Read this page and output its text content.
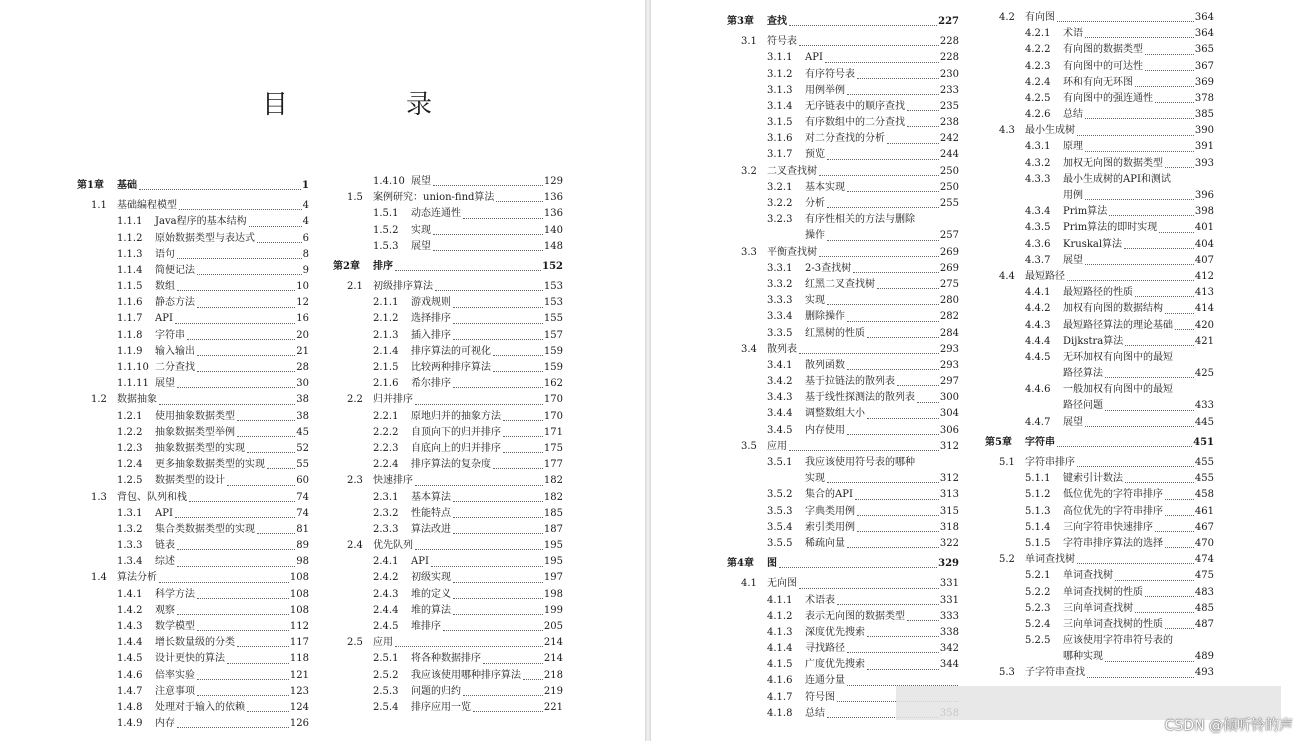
目　录
第1章	基础	1
1.1	基础编程模型	4
1.1.1	Java程序的基本结构	4
1.1.2	原始数据类型与表达式	6
1.1.3	语句	8
1.1.4	简便记法	9
1.1.5	数组	10
1.1.6	静态方法	12
1.1.7	API	16
1.1.8	字符串	20
1.1.9	输入输出	21
1.1.10 二分查找	28
1.1.11 展望	30
1.2	数据抽象	38
1.2.1	使用抽象数据类型	38
1.2.2	抽象数据类型举例	45
1.2.3	抽象数据类型的实现	52
1.2.4	更多抽象数据类型的实现	55
1.2.5	数据类型的设计	60
1.3	背包、队列和栈	74
1.3.1	API	74
1.3.2	集合类数据类型的实现	81
1.3.3	链表	89
1.3.4	综述	98
1.4	算法分析	108
1.4.1	科学方法	108
1.4.2	观察	108
1.4.3	数学模型	112
1.4.4	增长数量级的分类	117
1.4.5	设计更快的算法	118
1.4.6	倍率实验	121
1.4.7	注意事项	123
1.4.8	处理对于输入的依赖	124
1.4.9	内存	126
1.4.10 展望	129
1.5	案例研究：union-find算法	136
1.5.1	动态连通性	136
1.5.2	实现	140
1.5.3	展望	148
第2章	排序	152
2.1	初级排序算法	153
2.1.1	游戏规则	153
2.1.2	选择排序	155
2.1.3	插入排序	157
2.1.4	排序算法的可视化	159
2.1.5	比较两种排序算法	159
2.1.6	希尔排序	162
2.2	归并排序	170
2.2.1	原地归并的抽象方法	170
2.2.2	自顶向下的归并排序	171
2.2.3	自底向上的归并排序	175
2.2.4	排序算法的复杂度	177
2.3	快速排序	182
2.3.1	基本算法	182
2.3.2	性能特点	185
2.3.3	算法改进	187
2.4	优先队列	195
2.4.1	API	195
2.4.2	初级实现	197
2.4.3	堆的定义	198
2.4.4	堆的算法	199
2.4.5	堆排序	205
2.5	应用	214
2.5.1	将各种数据排序	214
2.5.2	我应该使用哪种排序算法 218
2.5.3	问题的归约	219
2.5.4	排序应用一览	221
第3章	查找	227
3.1	符号表	228
3.1.1	API	228
3.1.2	有序符号表	230
3.1.3	用例举例	233
3.1.4	无序链表中的顺序查找	235
3.1.5	有序数组中的二分查找	238
3.1.6	对二分查找的分析	242
3.1.7	预览	244
3.2	二叉查找树	250
3.2.1	基本实现	250
3.2.2	分析	255
3.2.3	有序性相关的方法与删除
操作	257
3.3	平衡查找树	269
3.3.1	2-3查找树	269
3.3.2	红黑二叉查找树	275
3.3.3	实现	280
3.3.4	删除操作	282
3.3.5	红黑树的性质	284
3.4	散列表	293
3.4.1	散列函数	293
3.4.2	基于拉链法的散列表	297
3.4.3	基于线性探测法的散列表 300
3.4.4	调整数组大小	304
3.4.5	内存使用	306
3.5	应用	312
3.5.1	我应该使用符号表的哪种
实现	312
3.5.2	集合的API	313
3.5.3	字典类用例	315
3.5.4	索引类用例	318
3.5.5	稀疏向量	322
第4章	图	329
4.1	无向图	331
4.1.1	术语表	331
4.1.2	表示无向图的数据类型	333
4.1.3	深度优先搜索	338
4.1.4	寻找路径	342
4.1.5	广度优先搜索	344
4.1.6	连通分量
4.1.7	符号图
4.1.8	总结
4.2	有向图	364
4.2.1	术语	364
4.2.2	有向图的数据类型	365
4.2.3	有向图中的可达性	367
4.2.4	环和有向无环图	369
4.2.5	有向图中的强连通性	378
4.2.6	总结	385
4.3	最小生成树	390
4.3.1	原理	391
4.3.2	加权无向图的数据类型	393
4.3.3	最小生成树的API和测试
用例	396
4.3.4	Prim算法	398
4.3.5	Prim算法的即时实现	401
4.3.6	Kruskal算法	404
4.3.7	展望	407
4.4	最短路径	412
4.4.1	最短路径的性质	413
4.4.2	加权有向图的数据结构	414
4.4.3	最短路径算法的理论基础 420
4.4.4	Dijkstra算法	421
4.4.5	无环加权有向图中的最短
路径算法	425
4.4.6	一般加权有向图中的最短
路径问题	433
4.4.7	展望	445
第5章	字符串	451
5.1	字符串排序	455
5.1.1	键索引计数法	455
5.1.2	低位优先的字符串排序	458
5.1.3	高位优先的字符串排序	461
5.1.4	三向字符串快速排序	467
5.1.5	字符串排序算法的选择	470
5.2	单词查找树	474
5.2.1	单词查找树	475
5.2.2	单词查找树的性质	483
5.2.3	三向单词查找树	485
5.2.4	三向单词查找树的性质	487
5.2.5	应该使用字符串符号表的
哪种实现	489
5.3	子字符串查找	493
CSDN @倾听铃的声
